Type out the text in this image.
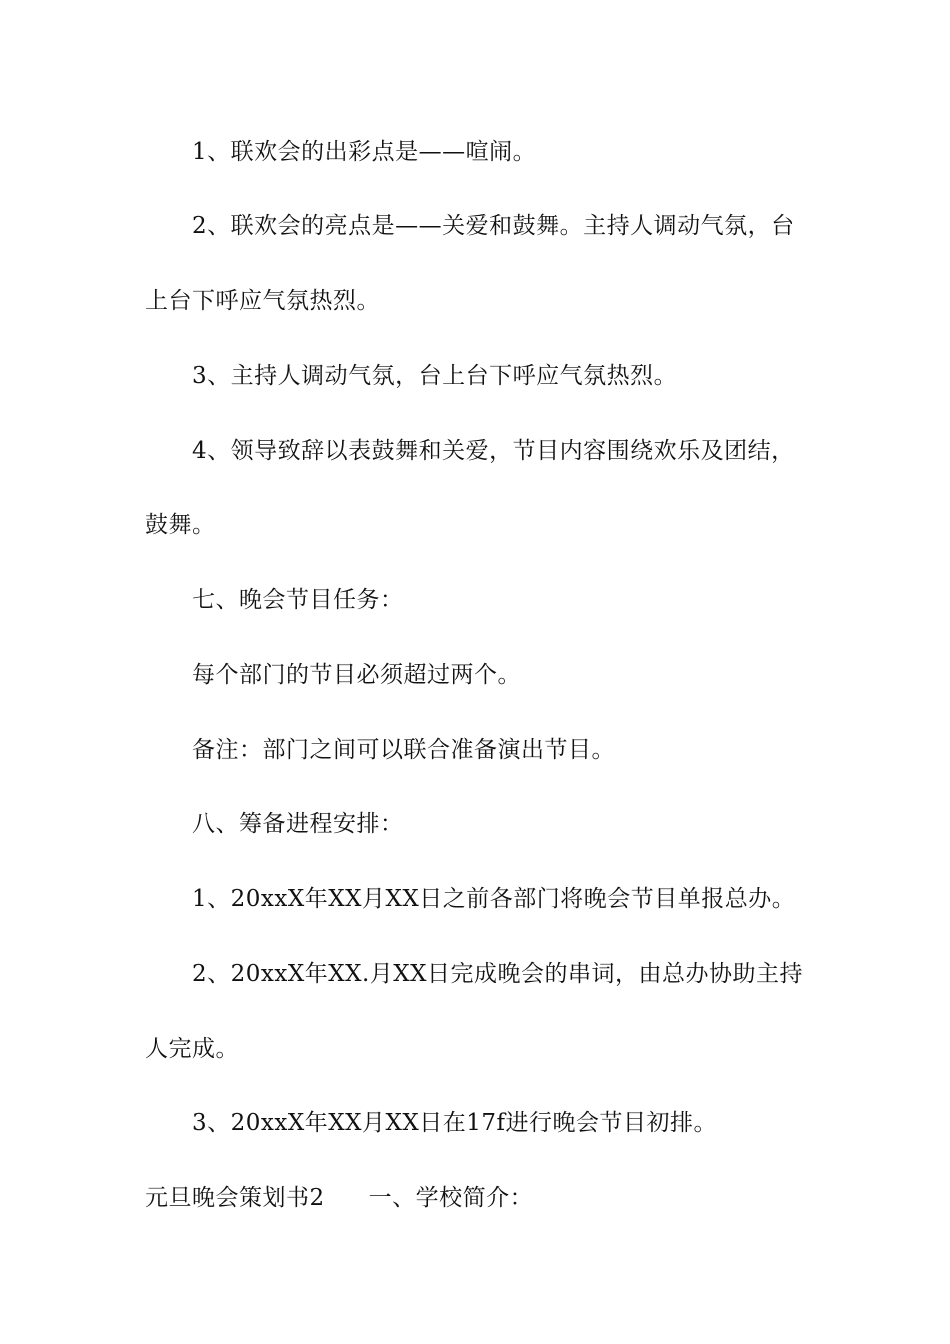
1、联欢会的出彩点是——喧闹。
2、联欢会的亮点是——关爱和鼓舞。主持人调动气氛，台
上台下呼应气氛热烈。
3、主持人调动气氛，台上台下呼应气氛热烈。
4、领导致辞以表鼓舞和关爱，节目内容围绕欢乐及团结，
鼓舞。
七、晚会节目任务：
每个部门的节目必须超过两个。
备注：部门之间可以联合准备演出节目。
八、筹备进程安排：
1、20xxX年XX月XX日之前各部门将晚会节目单报总办。
2、20xxX年XX.月XX日完成晚会的串词，由总办协助主持
人完成。
3、20xxX年XX月XX日在17f进行晚会节目初排。
元旦晚会策划书2 一、学校简介：
